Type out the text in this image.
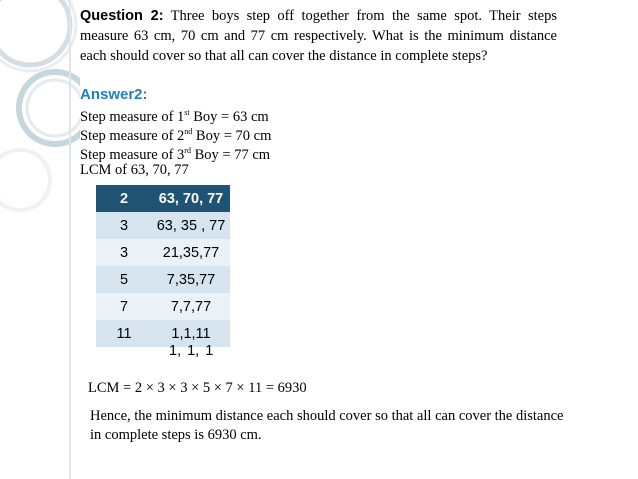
Question 2: Three boys step off together from the same spot. Their steps measure 63 cm, 70 cm and 77 cm respectively. What is the minimum distance each should cover so that all can cover the distance in complete steps?

Answer2:
Step measure of 1st Boy = 63 cm
Step measure of 2nd Boy = 70 cm
Step measure of 3rd Boy = 77 cm
LCM of 63, 70, 77
2	63, 70, 77
3	63, 35 , 77
3	21,35,77
5	7,35,77
7	7,7,77
11	1,1,11
1, 1, 1
LCM = 2 × 3 × 3 × 5 × 7 × 11 = 6930

Hence, the minimum distance each should cover so that all can cover the distance in complete steps is 6930 cm.
